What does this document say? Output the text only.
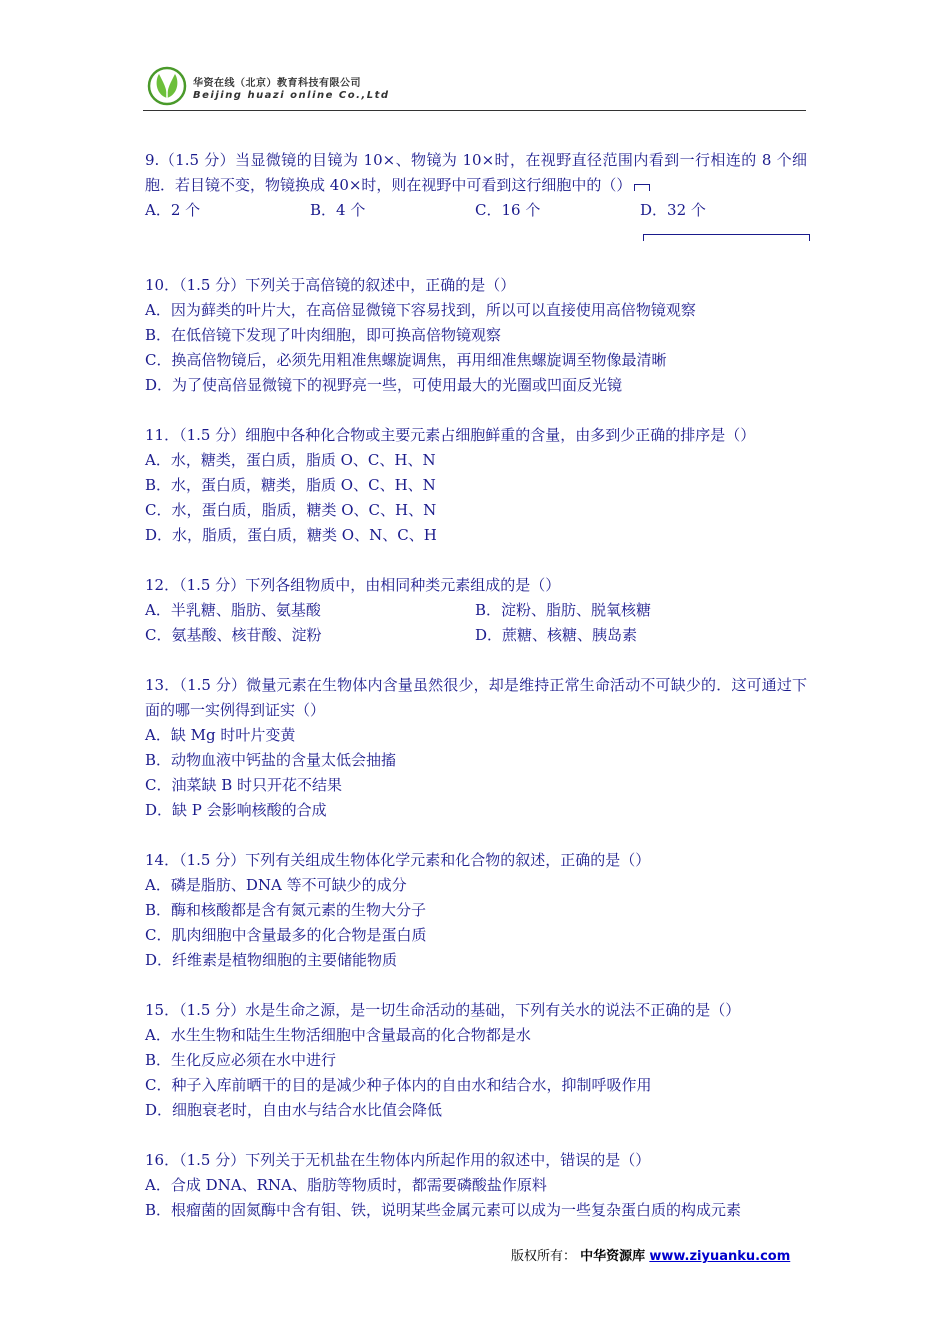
华资在线（北京）教育科技有限公司
Beijing huazi online Co.,Ltd
9.（1.5 分）当显微镜的目镜为 10×、物镜为 10×时，在视野直径范围内看到一行相连的 8 个细胞．若目镜不变，物镜换成 40×时，则在视野中可看到这行细胞中的（）
A．2 个	B．4 个	C．16 个	D．32 个
10．（1.5 分）下列关于高倍镜的叙述中，正确的是（）
A．因为藓类的叶片大，在高倍显微镜下容易找到，所以可以直接使用高倍物镜观察
B．在低倍镜下发现了叶肉细胞，即可换高倍物镜观察
C．换高倍物镜后，必须先用粗准焦螺旋调焦，再用细准焦螺旋调至物像最清晰
D．为了使高倍显微镜下的视野亮一些，可使用最大的光圈或凹面反光镜
11．（1.5 分）细胞中各种化合物或主要元素占细胞鲜重的含量，由多到少正确的排序是（）
A．水，糖类，蛋白质，脂质 O、C、H、N
B．水，蛋白质，糖类，脂质 O、C、H、N
C．水，蛋白质，脂质，糖类 O、C、H、N
D．水，脂质，蛋白质，糖类 O、N、C、H
12．（1.5 分）下列各组物质中，由相同种类元素组成的是（）
A．半乳糖、脂肪、氨基酸	B．淀粉、脂肪、脱氧核糖
C．氨基酸、核苷酸、淀粉	D．蔗糖、核糖、胰岛素
13．（1.5 分）微量元素在生物体内含量虽然很少，却是维持正常生命活动不可缺少的．这可通过下面的哪一实例得到证实（）
A．缺 Mg 时叶片变黄
B．动物血液中钙盐的含量太低会抽搐
C．油菜缺 B 时只开花不结果
D．缺 P 会影响核酸的合成
14．（1.5 分）下列有关组成生物体化学元素和化合物的叙述，正确的是（）
A．磷是脂肪、DNA 等不可缺少的成分
B．酶和核酸都是含有氮元素的生物大分子
C．肌肉细胞中含量最多的化合物是蛋白质
D．纤维素是植物细胞的主要储能物质
15．（1.5 分）水是生命之源，是一切生命活动的基础，下列有关水的说法不正确的是（）
A．水生生物和陆生生物活细胞中含量最高的化合物都是水
B．生化反应必须在水中进行
C．种子入库前晒干的目的是减少种子体内的自由水和结合水，抑制呼吸作用
D．细胞衰老时，自由水与结合水比值会降低
16．（1.5 分）下列关于无机盐在生物体内所起作用的叙述中，错误的是（）
A．合成 DNA、RNA、脂肪等物质时，都需要磷酸盐作原料
B．根瘤菌的固氮酶中含有钼、铁，说明某些金属元素可以成为一些复杂蛋白质的构成元素
版权所有： 中华资源库 www.ziyuanku.com
